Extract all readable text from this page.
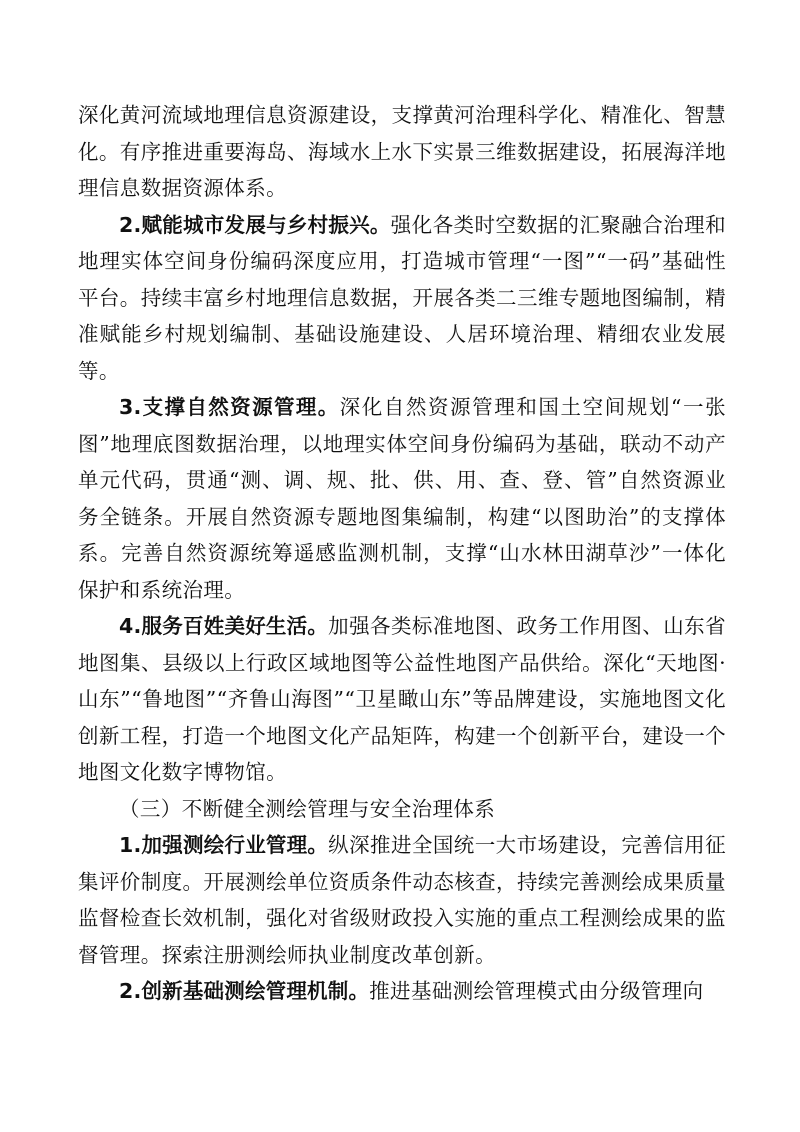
深化黄河流域地理信息资源建设，支撑黄河治理科学化、精准化、智慧化。有序推进重要海岛、海域水上水下实景三维数据建设，拓展海洋地理信息数据资源体系。

2.赋能城市发展与乡村振兴。强化各类时空数据的汇聚融合治理和地理实体空间身份编码深度应用，打造城市管理“一图”“一码”基础性平台。持续丰富乡村地理信息数据，开展各类二三维专题地图编制，精准赋能乡村规划编制、基础设施建设、人居环境治理、精细农业发展等。

3.支撑自然资源管理。深化自然资源管理和国土空间规划“一张图”地理底图数据治理，以地理实体空间身份编码为基础，联动不动产单元代码，贯通“测、调、规、批、供、用、查、登、管”自然资源业务全链条。开展自然资源专题地图集编制，构建“以图助治”的支撑体系。完善自然资源统筹遥感监测机制，支撑“山水林田湖草沙”一体化保护和系统治理。

4.服务百姓美好生活。加强各类标准地图、政务工作用图、山东省地图集、县级以上行政区域地图等公益性地图产品供给。深化“天地图·山东”“鲁地图”“齐鲁山海图”“卫星瞰山东”等品牌建设，实施地图文化创新工程，打造一个地图文化产品矩阵，构建一个创新平台，建设一个地图文化数字博物馆。

（三）不断健全测绘管理与安全治理体系

1.加强测绘行业管理。纵深推进全国统一大市场建设，完善信用征集评价制度。开展测绘单位资质条件动态核查，持续完善测绘成果质量监督检查长效机制，强化对省级财政投入实施的重点工程测绘成果的监督管理。探索注册测绘师执业制度改革创新。

2.创新基础测绘管理机制。推进基础测绘管理模式由分级管理向
